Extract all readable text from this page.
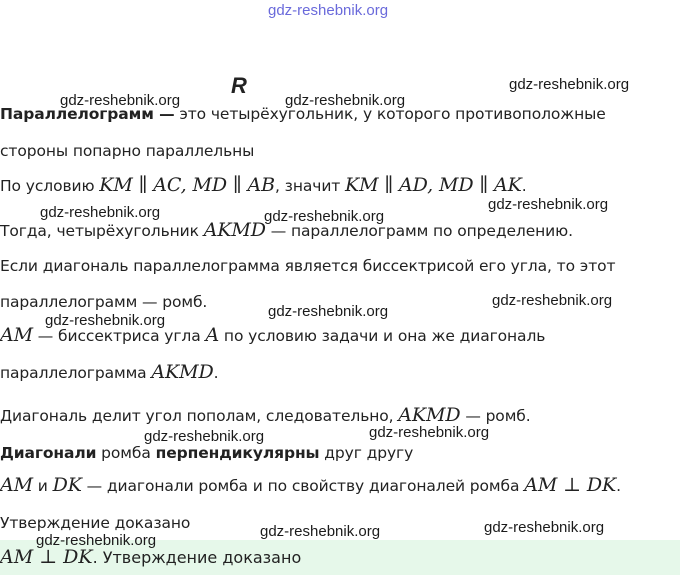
gdz-reshebnik.org
R	gdz-reshebnik.org
gdz-reshebnik.org	gdz-reshebnik.org
gdz-reshebnik.org	gdz-reshebnik.org
gdz-reshebnik.org
gdz-reshebnik.org
gdz-reshebnik.org
gdz-reshebnik.org
gdz-reshebnik.org	gdz-reshebnik.org
gdz-reshebnik.org	gdz-reshebnik.org
gdz-reshebnik.org
Параллелограмм — это четырёхугольник, у которого противоположные
стороны попарно параллельны
По условию KM ∥ AC, MD ∥ AB, значит KM ∥ AD, MD ∥ AK.
Тогда, четырёхугольник AKMD — параллелограмм по определению.
Если диагональ параллелограмма является биссектрисой его угла, то этот
параллелограмм — ромб.
AM — биссектриса угла A по условию задачи и она же диагональ
параллелограмма AKMD.
Диагональ делит угол пополам, следовательно, AKMD — ромб.
Диагонали ромба перпендикулярны друг другу
AM и DK — диагонали ромба и по свойству диагоналей ромба AM ⊥ DK.
Утверждение доказано
AM ⊥ DK. Утверждение доказано
